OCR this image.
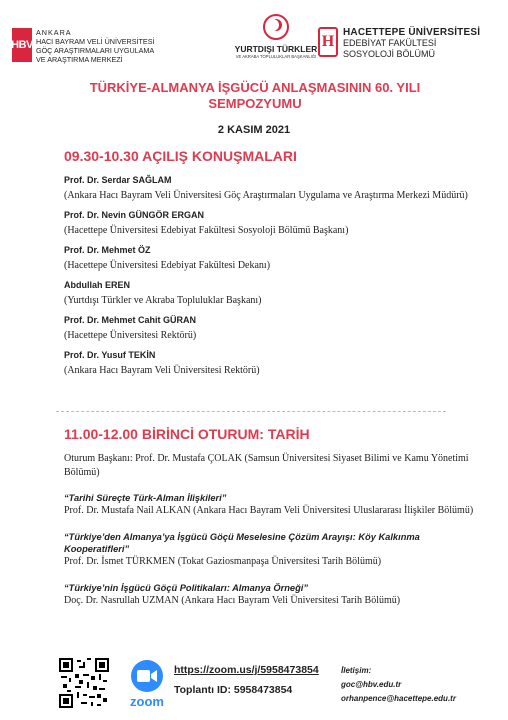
HBV
ANKARA
HACI BAYRAM VELİ ÜNİVERSİTESİ
GÖÇ ARAŞTIRMALARI UYGULAMA
VE ARAŞTIRMA MERKEZİ
YURTDIŞI TÜRKLER
VE AKRABA TOPLULUKLAR BAŞKANLIĞI
H
HACETTEPE ÜNİVERSİTESİ
EDEBİYAT FAKÜLTESİ
SOSYOLOJİ BÖLÜMÜ
TÜRKİYE-ALMANYA İŞGÜCÜ ANLAŞMASININ 60. YILI
SEMPOZYUMU
2 KASIM 2021
09.30-10.30 AÇILIŞ KONUŞMALARI
Prof. Dr. Serdar SAĞLAM
(Ankara Hacı Bayram Veli Üniversitesi Göç Araştırmaları Uygulama ve Araştırma Merkezi Müdürü)
Prof. Dr. Nevin GÜNGÖR ERGAN
(Hacettepe Üniversitesi Edebiyat Fakültesi Sosyoloji Bölümü Başkanı)
Prof. Dr. Mehmet ÖZ
(Hacettepe Üniversitesi Edebiyat Fakültesi Dekanı)
Abdullah EREN
(Yurtdışı Türkler ve Akraba Topluluklar Başkanı)
Prof. Dr. Mehmet Cahit GÜRAN
(Hacettepe Üniversitesi Rektörü)
Prof. Dr. Yusuf TEKİN
(Ankara Hacı Bayram Veli Üniversitesi Rektörü)
11.00-12.00 BİRİNCİ OTURUM: TARİH
Oturum Başkanı: Prof. Dr. Mustafa ÇOLAK (Samsun Üniversitesi Siyaset Bilimi ve Kamu Yönetimi Bölümü)
“Tarihi Süreçte Türk-Alman İlişkileri”
Prof. Dr. Mustafa Nail ALKAN (Ankara Hacı Bayram Veli Üniversitesi Uluslararası İlişkiler Bölümü)
“Türkiye’den Almanya’ya İşgücü Göçü Meselesine Çözüm Arayışı: Köy Kalkınma Kooperatifleri”
Prof. Dr. İsmet TÜRKMEN (Tokat Gaziosmanpaşa Üniversitesi Tarih Bölümü)
“Türkiye’nin İşgücü Göçü Politikaları: Almanya Örneği”
Doç. Dr. Nasrullah UZMAN (Ankara Hacı Bayram Veli Üniversitesi Tarih Bölümü)
zoom
https://zoom.us/j/5958473854
Toplantı ID: 5958473854
İletişim:
goc@hbv.edu.tr
orhanpence@hacettepe.edu.tr
